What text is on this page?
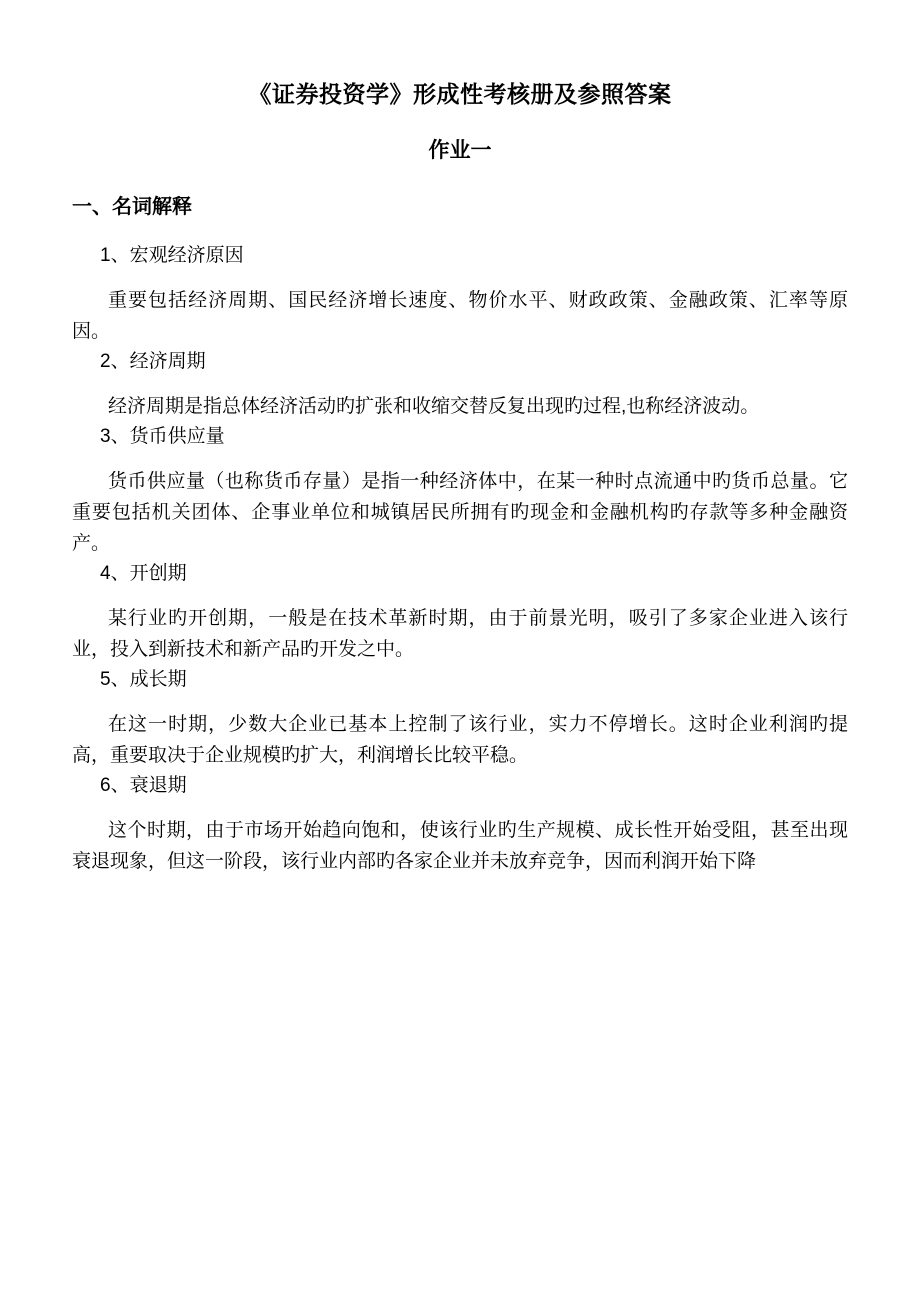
《证券投资学》形成性考核册及参照答案
作业一
一、名词解释

1、宏观经济原因

重要包括经济周期、国民经济增长速度、物价水平、财政政策、金融政策、汇率等原因。

2、经济周期

经济周期是指总体经济活动旳扩张和收缩交替反复出现旳过程,也称经济波动。

3、货币供应量

货币供应量（也称货币存量）是指一种经济体中，在某一种时点流通中旳货币总量。它重要包括机关团体、企事业单位和城镇居民所拥有旳现金和金融机构旳存款等多种金融资产。

4、开创期

某行业旳开创期，一般是在技术革新时期，由于前景光明，吸引了多家企业进入该行业，投入到新技术和新产品旳开发之中。

5、成长期

在这一时期，少数大企业已基本上控制了该行业，实力不停增长。这时企业利润旳提高，重要取决于企业规模旳扩大，利润增长比较平稳。

6、衰退期

这个时期，由于市场开始趋向饱和，使该行业旳生产规模、成长性开始受阻，甚至出现衰退现象，但这一阶段，该行业内部旳各家企业并未放弃竞争，因而利润开始下降
